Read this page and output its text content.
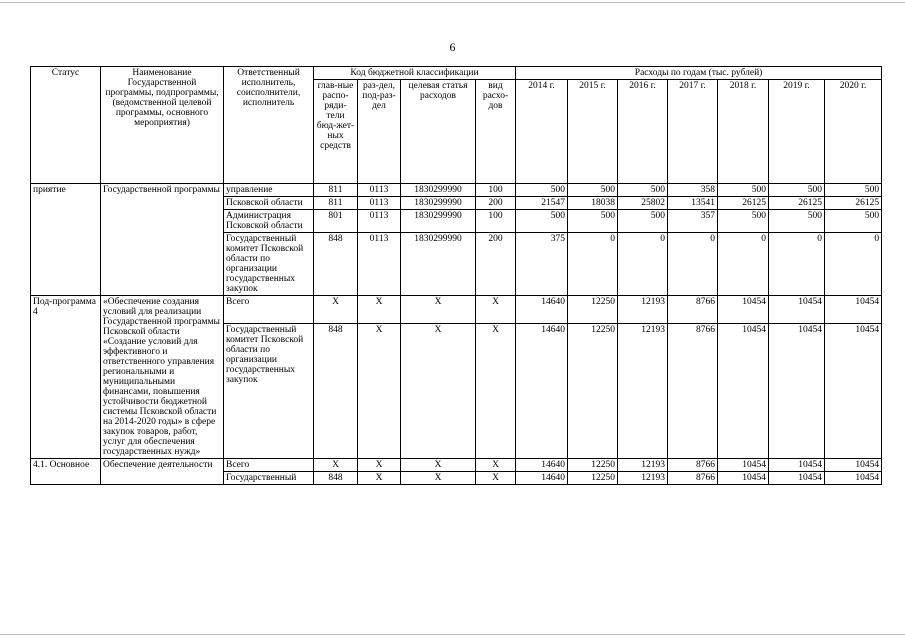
6
Статус	Наименование Государственной программы, подпрограммы, (ведомственной целевой программы, основного мероприятия)	Ответственный исполнитель, соисполнители, исполнитель	Код бюджетной классификации				Расходы по годам (тыс. рублей)						
			глав-ные распо-ряди-тели бюд-жет-ных средств	раз-дел, под-раз-дел	целевая статья расходов	вид расхо-дов	2014 г.	2015 г.	2016 г.	2017 г.	2018 г.	2019 г.	2020 г.
приятие	Государственной программы	управление	811	0113	1830299990	100	500	500	500	358	500	500	500
		Псковской области	811	0113	1830299990	200	21547	18038	25802	13541	26125	26125	26125
		Администрация Псковской области	801	0113	1830299990	100	500	500	500	357	500	500	500
		Государственный комитет Псковской области по организации государственных закупок	848	0113	1830299990	200	375	0	0	0	0	0	0
Под-программа 4	«Обеспечение создания условий для реализации Государственной программы Псковской области «Создание условий для эффективного и ответственного управления региональными и муниципальными финансами, повышения устойчивости бюджетной системы Псковской области на 2014-2020 годы» в сфере закупок товаров, работ, услуг для обеспечения государственных нужд»	Всего	X	X	X	X	14640	12250	12193	8766	10454	10454	10454
		Государственный комитет Псковской области по организации государственных закупок	848	X	X	X	14640	12250	12193	8766	10454	10454	10454
4.1. Основное	Обеспечение деятельности	Всего	X	X	X	X	14640	12250	12193	8766	10454	10454	10454
		Государственный	848	X	X	X	14640	12250	12193	8766	10454	10454	10454
